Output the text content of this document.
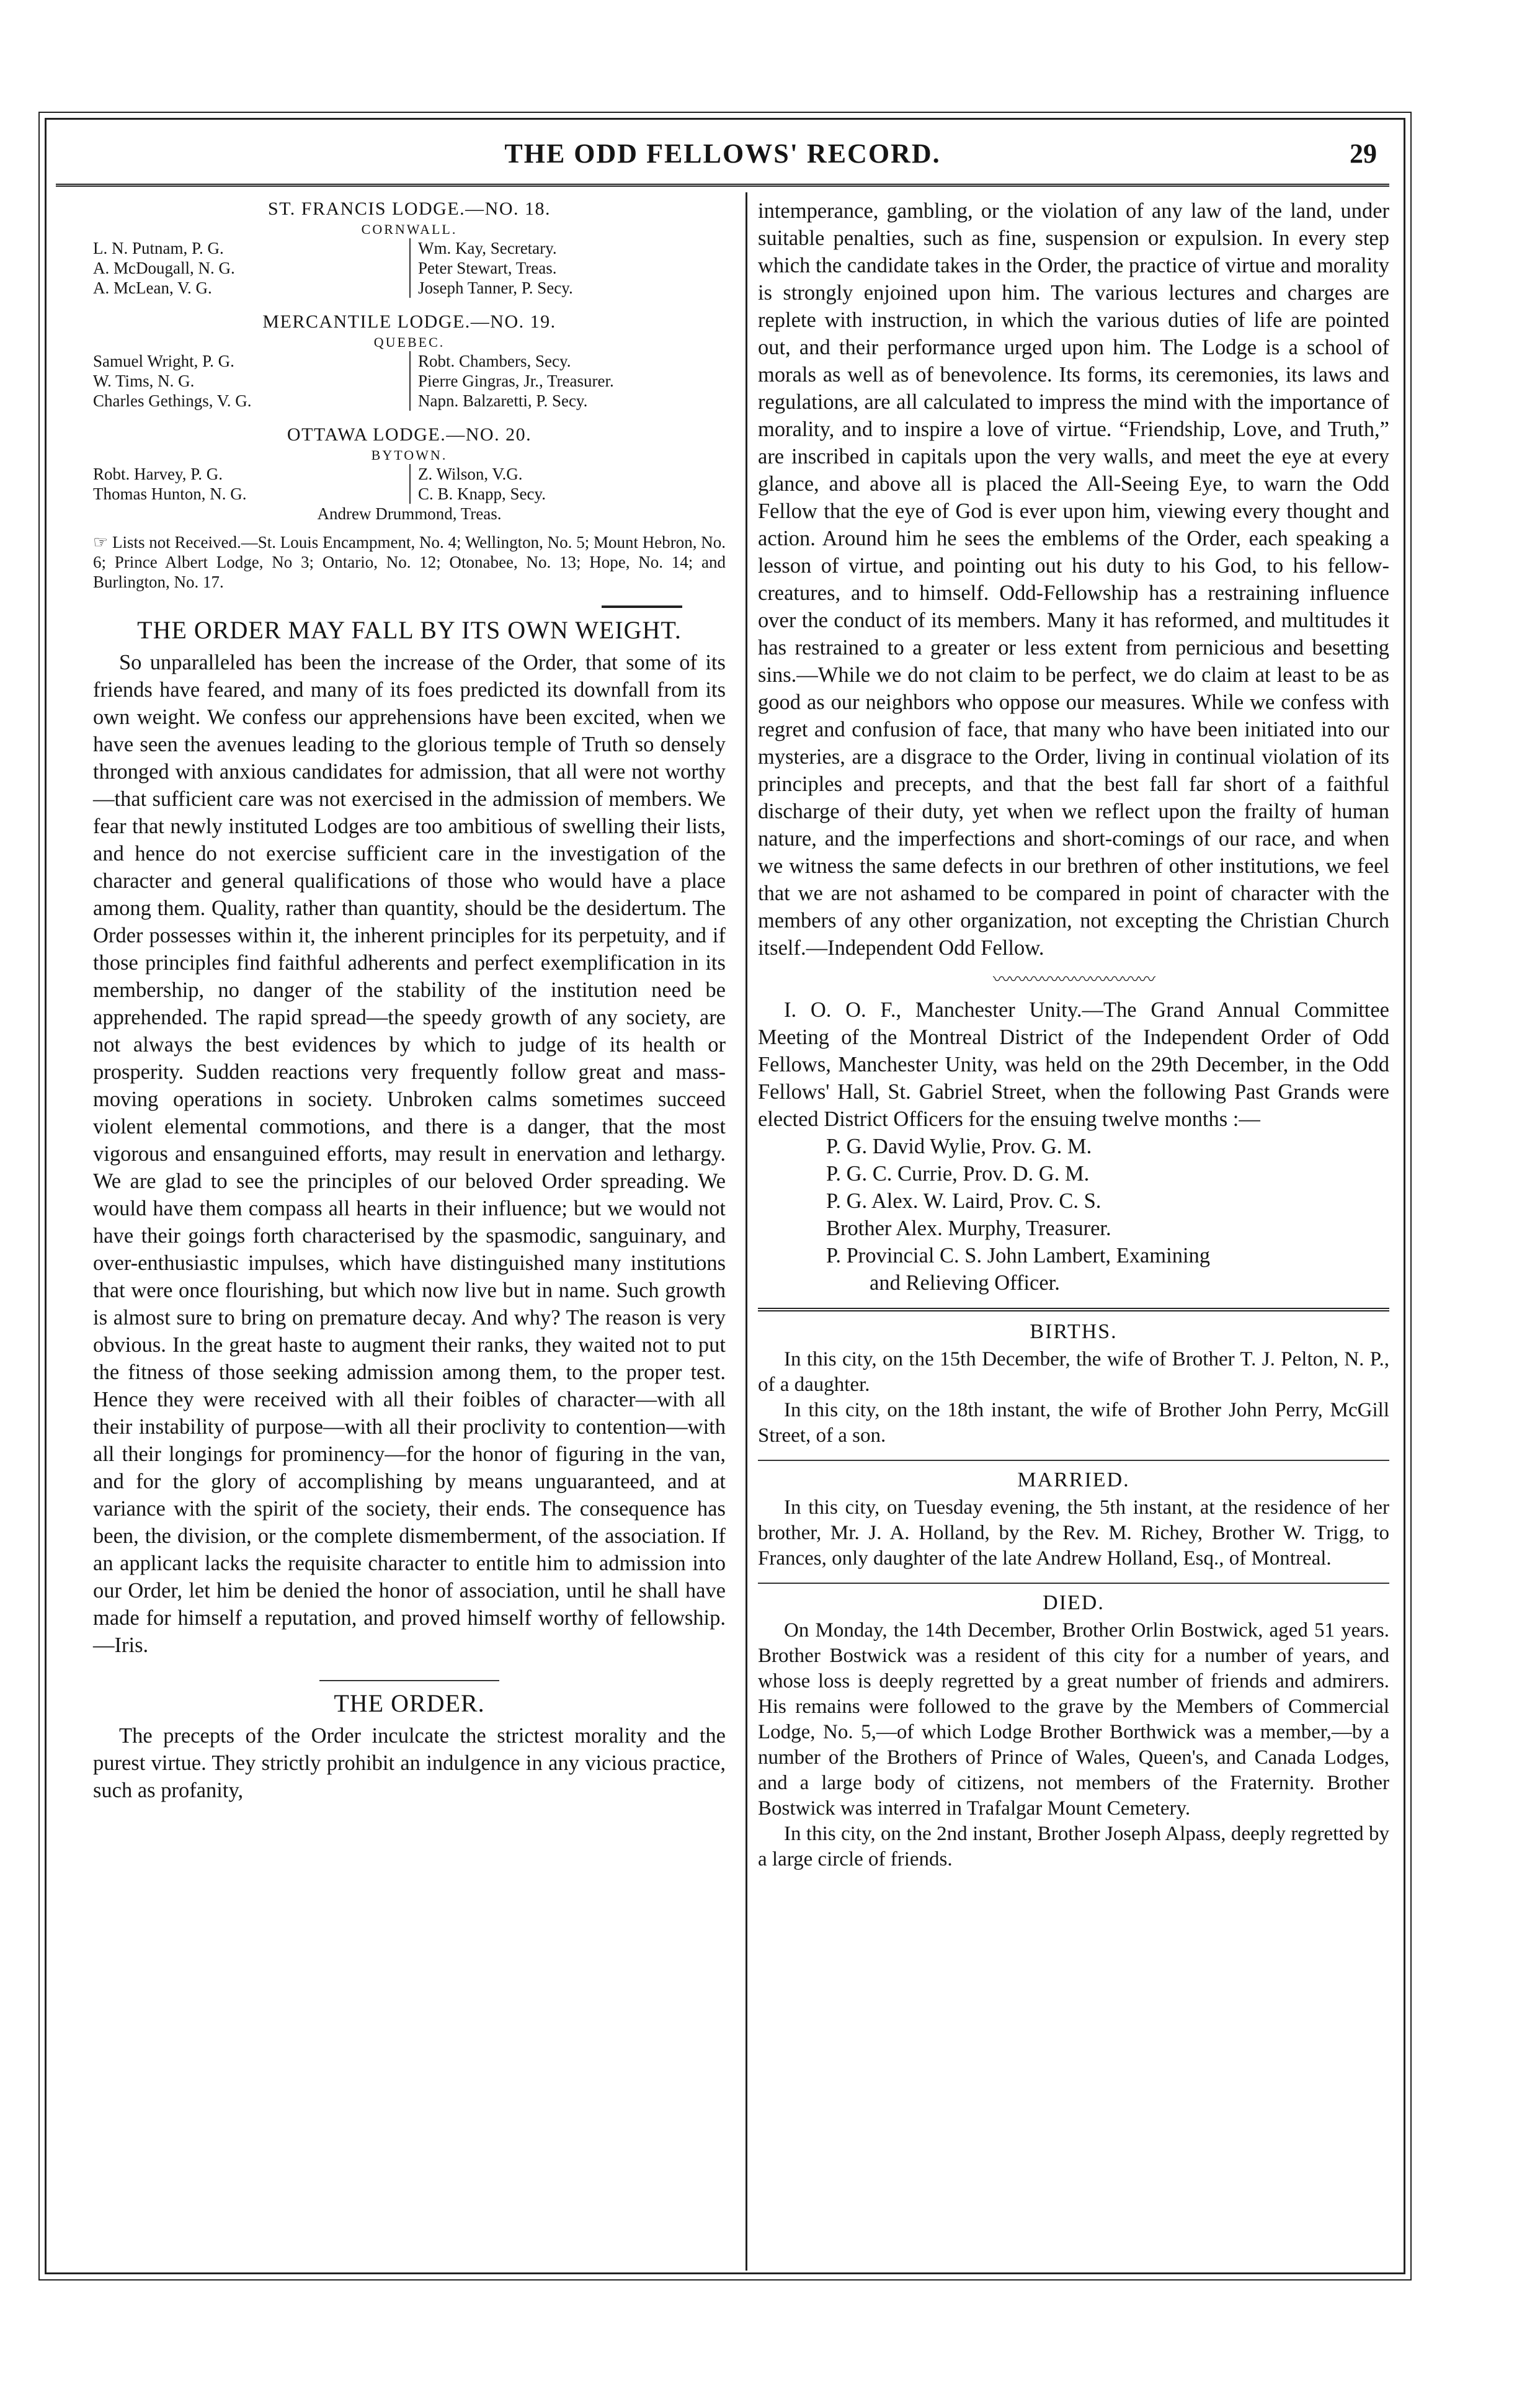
THE ODD FELLOWS' RECORD.	29
ST. FRANCIS LODGE.—NO. 18.
CORNWALL.
L. N. Putnam, P. G.
A. McDougall, N. G.
A. McLean, V. G.
Wm. Kay, Secretary.
Peter Stewart, Treas.
Joseph Tanner, P. Secy.
MERCANTILE LODGE.—NO. 19.
QUEBEC.
Samuel Wright, P. G.
W. Tims, N. G.
Charles Gethings, V. G.
Robt. Chambers, Secy.
Pierre Gingras, Jr., Treasurer.
Napn. Balzaretti, P. Secy.
OTTAWA LODGE.—NO. 20.
BYTOWN.
Robt. Harvey, P. G.
Thomas Hunton, N. G.
Z. Wilson, V.G.
C. B. Knapp, Secy.
Andrew Drummond, Treas.

☞ Lists not Received.—St. Louis Encampment, No. 4; Wellington, No. 5; Mount Hebron, No. 6; Prince Albert Lodge, No 3; Ontario, No. 12; Otonabee, No. 13; Hope, No. 14; and Burlington, No. 17.

THE ORDER MAY FALL BY ITS OWN WEIGHT.

So unparalleled has been the increase of the Order, that some of its friends have feared, and many of its foes predicted its downfall from its own weight. We confess our apprehensions have been excited, when we have seen the avenues leading to the glorious temple of Truth so densely thronged with anxious candidates for admission, that all were not worthy—that sufficient care was not exercised in the admission of members. We fear that newly instituted Lodges are too ambitious of swelling their lists, and hence do not exercise sufficient care in the investigation of the character and general qualifications of those who would have a place among them. Quality, rather than quantity, should be the desidertum. The Order possesses within it, the inherent principles for its perpetuity, and if those principles find faithful adherents and perfect exemplification in its membership, no danger of the stability of the institution need be apprehended. The rapid spread—the speedy growth of any society, are not always the best evidences by which to judge of its health or prosperity. Sudden reactions very frequently follow great and mass-moving operations in society. Unbroken calms sometimes succeed violent elemental commotions, and there is a danger, that the most vigorous and ensanguined efforts, may result in enervation and lethargy. We are glad to see the principles of our beloved Order spreading. We would have them compass all hearts in their influence; but we would not have their goings forth characterised by the spasmodic, sanguinary, and over-enthusiastic impulses, which have distinguished many institutions that were once flourishing, but which now live but in name. Such growth is almost sure to bring on premature decay. And why? The reason is very obvious. In the great haste to augment their ranks, they waited not to put the fitness of those seeking admission among them, to the proper test. Hence they were received with all their foibles of character—with all their instability of purpose—with all their proclivity to contention—with all their longings for prominency—for the honor of figuring in the van, and for the glory of accomplishing by means unguaranteed, and at variance with the spirit of the society, their ends. The consequence has been, the division, or the complete dismemberment, of the association. If an applicant lacks the requisite character to entitle him to admission into our Order, let him be denied the honor of association, until he shall have made for himself a reputation, and proved himself worthy of fellowship.—Iris.

THE ORDER.

The precepts of the Order inculcate the strictest morality and the purest virtue. They strictly prohibit an indulgence in any vicious practice, such as profanity,

intemperance, gambling, or the violation of any law of the land, under suitable penalties, such as fine, suspension or expulsion. In every step which the candidate takes in the Order, the practice of virtue and morality is strongly enjoined upon him. The various lectures and charges are replete with instruction, in which the various duties of life are pointed out, and their performance urged upon him. The Lodge is a school of morals as well as of benevolence. Its forms, its ceremonies, its laws and regulations, are all calculated to impress the mind with the importance of morality, and to inspire a love of virtue. “Friendship, Love, and Truth,” are inscribed in capitals upon the very walls, and meet the eye at every glance, and above all is placed the All-Seeing Eye, to warn the Odd Fellow that the eye of God is ever upon him, viewing every thought and action. Around him he sees the emblems of the Order, each speaking a lesson of virtue, and pointing out his duty to his God, to his fellow-creatures, and to himself. Odd-Fellowship has a restraining influence over the conduct of its members. Many it has reformed, and multitudes it has restrained to a greater or less extent from pernicious and besetting sins.—While we do not claim to be perfect, we do claim at least to be as good as our neighbors who oppose our measures. While we confess with regret and confusion of face, that many who have been initiated into our mysteries, are a disgrace to the Order, living in continual violation of its principles and precepts, and that the best fall far short of a faithful discharge of their duty, yet when we reflect upon the frailty of human nature, and the imperfections and short-comings of our race, and when we witness the same defects in our brethren of other institutions, we feel that we are not ashamed to be compared in point of character with the members of any other organization, not excepting the Christian Church itself.—Independent Odd Fellow.

〰〰〰〰〰〰〰〰〰〰

I. O. O. F., Manchester Unity.—The Grand Annual Committee Meeting of the Montreal District of the Independent Order of Odd Fellows, Manchester Unity, was held on the 29th December, in the Odd Fellows' Hall, St. Gabriel Street, when the following Past Grands were elected District Officers for the ensuing twelve months :—

P. G. David Wylie, Prov. G. M.
P. G. C. Currie, Prov. D. G. M.
P. G. Alex. W. Laird, Prov. C. S.
Brother Alex. Murphy, Treasurer.
P. Provincial C. S. John Lambert, Examining
and Relieving Officer.
BIRTHS.

In this city, on the 15th December, the wife of Brother T. J. Pelton, N. P., of a daughter.

In this city, on the 18th instant, the wife of Brother John Perry, McGill Street, of a son.

MARRIED.

In this city, on Tuesday evening, the 5th instant, at the residence of her brother, Mr. J. A. Holland, by the Rev. M. Richey, Brother W. Trigg, to Frances, only daughter of the late Andrew Holland, Esq., of Montreal.

DIED.

On Monday, the 14th December, Brother Orlin Bostwick, aged 51 years. Brother Bostwick was a resident of this city for a number of years, and whose loss is deeply regretted by a great number of friends and admirers. His remains were followed to the grave by the Members of Commercial Lodge, No. 5,—of which Lodge Brother Borthwick was a member,—by a number of the Brothers of Prince of Wales, Queen's, and Canada Lodges, and a large body of citizens, not members of the Fraternity. Brother Bostwick was interred in Trafalgar Mount Cemetery.

In this city, on the 2nd instant, Brother Joseph Alpass, deeply regretted by a large circle of friends.
